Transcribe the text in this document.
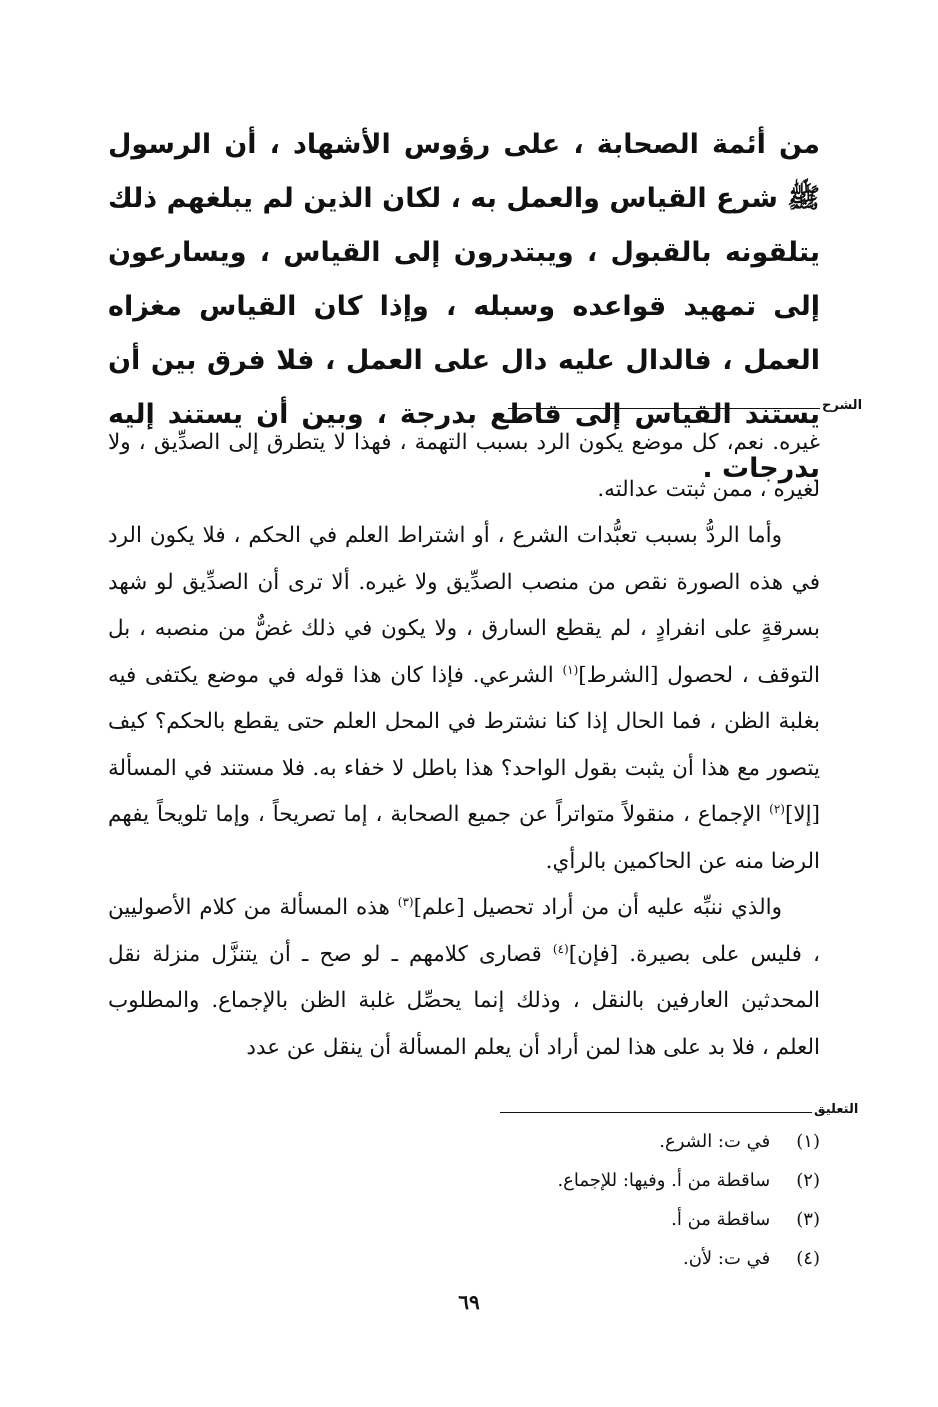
من أئمة الصحابة ، على رؤوس الأشهاد ، أن الرسول ﷺ شرع القياس والعمل به ، لكان الذين لم يبلغهم ذلك يتلقونه بالقبول ، ويبتدرون إلى القياس ، ويسارعون إلى تمهيد قواعده وسبله ، وإذا كان القياس مغزاه العمل ، فالدال عليه دال على العمل ، فلا فرق بين أن يستند القياس إلى قاطع بدرجة ، وبين أن يستند إليه بدرجات .

الشرح

غيره. نعم، كل موضع يكون الرد بسبب التهمة ، فهذا لا يتطرق إلى الصدِّيق ، ولا لغيره ، ممن ثبتت عدالته.

وأما الردُّ بسبب تعبُّدات الشرع ، أو اشتراط العلم في الحكم ، فلا يكون الرد في هذه الصورة نقص من منصب الصدِّيق ولا غيره. ألا ترى أن الصدِّيق لو شهد بسرقةٍ على انفرادٍ ، لم يقطع السارق ، ولا يكون في ذلك غضٌّ من منصبه ، بل التوقف ، لحصول [الشرط]$^{(١)}$ الشرعي. فإذا كان هذا قوله في موضع يكتفى فيه بغلبة الظن ، فما الحال إذا كنا نشترط في المحل العلم حتى يقطع بالحكم؟ كيف يتصور مع هذا أن يثبت بقول الواحد؟ هذا باطل لا خفاء به. فلا مستند في المسألة [إلا]$^{(٢)}$ الإجماع ، منقولاً متواتراً عن جميع الصحابة ، إما تصريحاً ، وإما تلويحاً يفهم الرضا منه عن الحاكمين بالرأي.

والذي ننبِّه عليه أن من أراد تحصيل [علم]$^{(٣)}$ هذه المسألة من كلام الأصوليين ، فليس على بصيرة. [فإن]$^{(٤)}$ قصارى كلامهم ـ لو صح ـ أن يتنزَّل منزلة نقل المحدثين العارفين بالنقل ، وذلك إنما يحصِّل غلبة الظن بالإجماع. والمطلوب العلم ، فلا بد على هذا لمن أراد أن يعلم المسألة أن ينقل عن عدد

التعليق
(١) في ت: الشرع.
(٢) ساقطة من أ. وفيها: للإجماع.
(٣) ساقطة من أ.
(٤) في ت: لأن.
٦٩
